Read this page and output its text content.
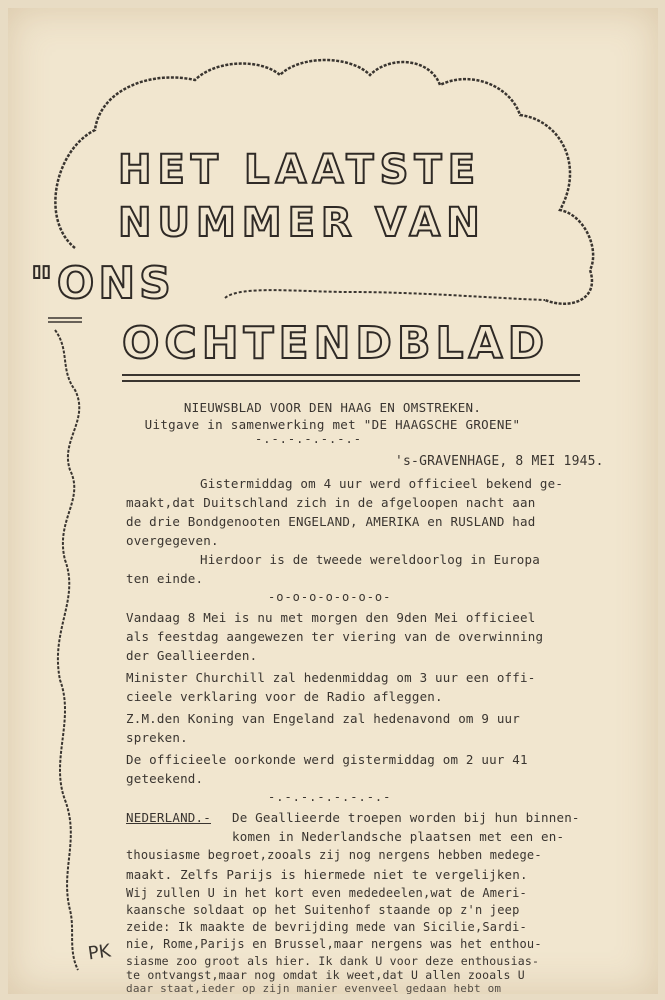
HET LAATSTE
NUMMER VAN
"ONS
OCHTENDBLAD
NIEUWSBLAD VOOR DEN HAAG EN OMSTREKEN.
Uitgave in samenwerking met "DE HAAGSCHE GROENE"
-.-.-.-.-.-.-
's-GRAVENHAGE, 8 MEI 1945.
Gistermiddag om 4 uur werd officieel bekend ge-
maakt,dat Duitschland zich in de afgeloopen nacht aan
de drie Bondgenooten ENGELAND, AMERIKA en RUSLAND had
overgegeven.
Hierdoor is de tweede wereldoorlog in Europa
ten einde.
-o-o-o-o-o-o-o-
Vandaag 8 Mei is nu met morgen den 9den Mei officieel
als feestdag aangewezen ter viering van de overwinning
der Geallieerden.
Minister Churchill zal hedenmiddag om 3 uur een offi-
cieele verklaring voor de Radio afleggen.
Z.M.den Koning van Engeland zal hedenavond om 9 uur
spreken.
De officieele oorkonde werd gistermiddag om 2 uur 41
geteekend.
-.-.-.-.-.-.-.-
NEDERLAND.- De Geallieerde troepen worden bij hun binnen-
komen in Nederlandsche plaatsen met een en-
thousiasme begroet,zooals zij nog nergens hebben medege-
maakt. Zelfs Parijs is hiermede niet te vergelijken.
Wij zullen U in het kort even mededeelen,wat de Ameri-
kaansche soldaat op het Suitenhof staande op z'n jeep
zeide: Ik maakte de bevrijding mede van Sicilie,Sardi-
nie, Rome,Parijs en Brussel,maar nergens was het enthou-
siasme zoo groot als hier. Ik dank U voor deze enthousias-
te ontvangst,maar nog omdat ik weet,dat U allen zooals U
daar staat,ieder op zijn manier evenveel gedaan hebt om
PK
